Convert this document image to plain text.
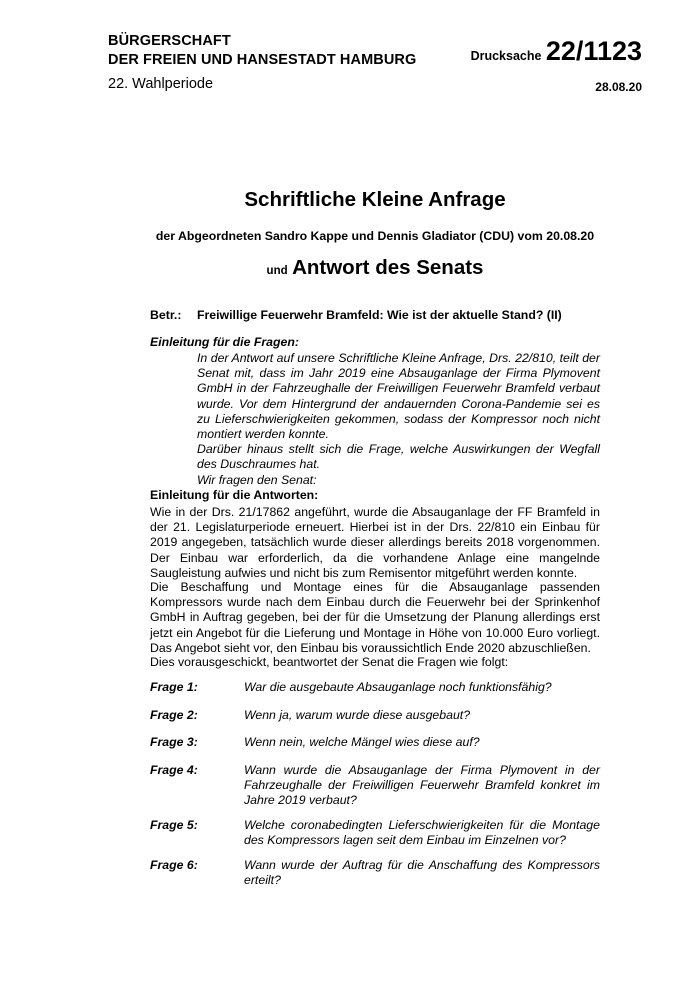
BÜRGERSCHAFT
DER FREIEN UND HANSESTADT HAMBURG
22. Wahlperiode
Drucksache 22/1123
28.08.20
Schriftliche Kleine Anfrage
der Abgeordneten Sandro Kappe und Dennis Gladiator (CDU) vom 20.08.20
und Antwort des Senats
Betr.: Freiwillige Feuerwehr Bramfeld: Wie ist der aktuelle Stand? (II)
Einleitung für die Fragen:
In der Antwort auf unsere Schriftliche Kleine Anfrage, Drs. 22/810, teilt der Senat mit, dass im Jahr 2019 eine Absauganlage der Firma Plymovent GmbH in der Fahrzeughalle der Freiwilligen Feuerwehr Bramfeld verbaut wurde. Vor dem Hintergrund der andauernden Corona-Pandemie sei es zu Lieferschwierigkeiten gekommen, sodass der Kompressor noch nicht montiert werden konnte.
Darüber hinaus stellt sich die Frage, welche Auswirkungen der Wegfall des Duschraumes hat.
Wir fragen den Senat:
Einleitung für die Antworten:
Wie in der Drs. 21/17862 angeführt, wurde die Absauganlage der FF Bramfeld in der 21. Legislaturperiode erneuert. Hierbei ist in der Drs. 22/810 ein Einbau für 2019 angegeben, tatsächlich wurde dieser allerdings bereits 2018 vorgenommen. Der Einbau war erforderlich, da die vorhandene Anlage eine mangelnde Saugleistung aufwies und nicht bis zum Remisentor mitgeführt werden konnte.
Die Beschaffung und Montage eines für die Absauganlage passenden Kompressors wurde nach dem Einbau durch die Feuerwehr bei der Sprinkenhof GmbH in Auftrag gegeben, bei der für die Umsetzung der Planung allerdings erst jetzt ein Angebot für die Lieferung und Montage in Höhe von 10.000 Euro vorliegt. Das Angebot sieht vor, den Einbau bis voraussichtlich Ende 2020 abzuschließen.
Dies vorausgeschickt, beantwortet der Senat die Fragen wie folgt:
Frage 1:	War die ausgebaute Absauganlage noch funktionsfähig?
Frage 2:	Wenn ja, warum wurde diese ausgebaut?
Frage 3:	Wenn nein, welche Mängel wies diese auf?
Frage 4:	Wann wurde die Absauganlage der Firma Plymovent in der Fahrzeughalle der Freiwilligen Feuerwehr Bramfeld konkret im Jahre 2019 verbaut?
Frage 5:	Welche coronabedingten Lieferschwierigkeiten für die Montage des Kompressors lagen seit dem Einbau im Einzelnen vor?
Frage 6:	Wann wurde der Auftrag für die Anschaffung des Kompressors erteilt?
